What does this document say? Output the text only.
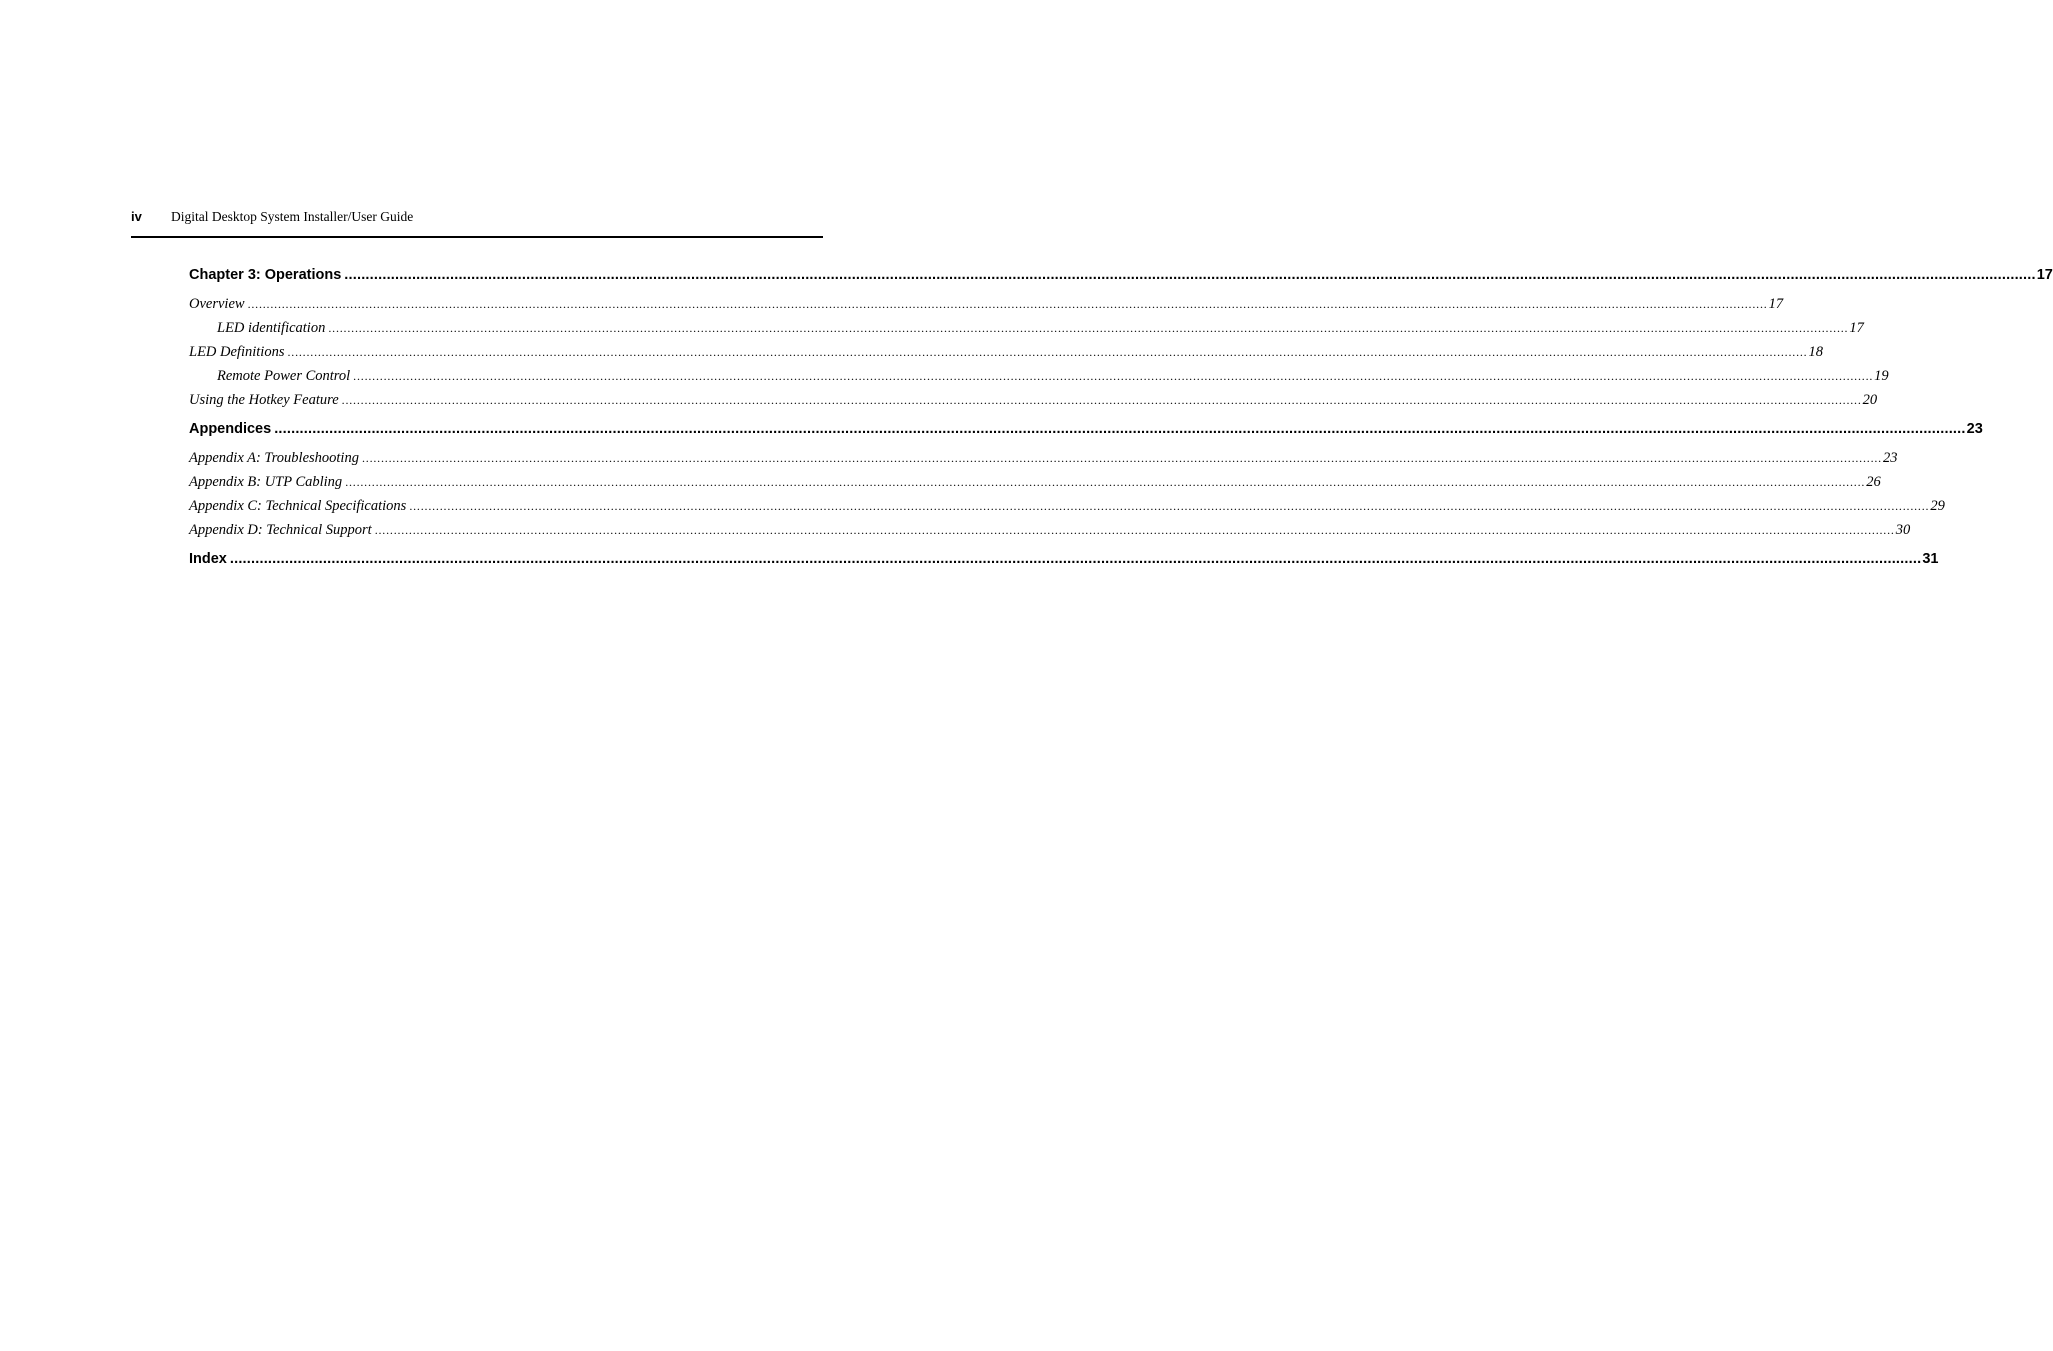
iv Digital Desktop System Installer/User Guide
Chapter 3: Operations ................................................................................................................................................................................................................................................................................................................................................................................................................ 17
Overview ................................................................................................................................................................................................................................................................................................................................................................................................................ 17
LED identification ................................................................................................................................................................................................................................................................................................................................................................................................................ 17
LED Definitions ................................................................................................................................................................................................................................................................................................................................................................................................................ 18
Remote Power Control ................................................................................................................................................................................................................................................................................................................................................................................................................ 19
Using the Hotkey Feature ................................................................................................................................................................................................................................................................................................................................................................................................................ 20
Appendices ................................................................................................................................................................................................................................................................................................................................................................................................................ 23
Appendix A: Troubleshooting ................................................................................................................................................................................................................................................................................................................................................................................................................ 23
Appendix B: UTP Cabling ................................................................................................................................................................................................................................................................................................................................................................................................................ 26
Appendix C: Technical Specifications ................................................................................................................................................................................................................................................................................................................................................................................................................ 29
Appendix D: Technical Support ................................................................................................................................................................................................................................................................................................................................................................................................................ 30
Index ................................................................................................................................................................................................................................................................................................................................................................................................................ 31
